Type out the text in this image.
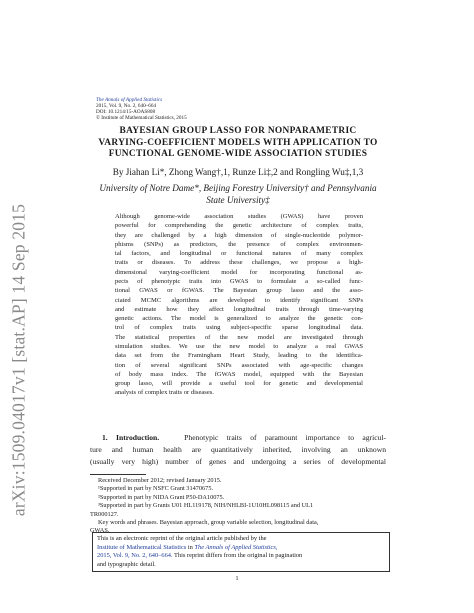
arXiv:1509.04017v1 [stat.AP] 14 Sep 2015
The Annals of Applied Statistics
2015, Vol. 9, No. 2, 640–664
DOI: 10.1214/15-AOAS808
© Institute of Mathematical Statistics, 2015
BAYESIAN GROUP LASSO FOR NONPARAMETRIC
VARYING-COEFFICIENT MODELS WITH APPLICATION TO
FUNCTIONAL GENOME-WIDE ASSOCIATION STUDIES
By Jiahan Li*, Zhong Wang†,1, Runze Li‡,2 and Rongling Wu‡,1,3
University of Notre Dame*, Beijing Forestry University† and Pennsylvania
State University‡
Although genome-wide association studies (GWAS) have proven
powerful for comprehending the genetic architecture of complex traits,
they are challenged by a high dimension of single-nucleotide polymor-
phisms (SNPs) as predictors, the presence of complex environmen-
tal factors, and longitudinal or functional natures of many complex
traits or diseases. To address these challenges, we propose a high-
dimensional varying-coefficient model for incorporating functional as-
pects of phenotypic traits into GWAS to formulate a so-called func-
tional GWAS or fGWAS. The Bayesian group lasso and the asso-
ciated MCMC algorithms are developed to identify significant SNPs
and estimate how they affect longitudinal traits through time-varying
genetic actions. The model is generalized to analyze the genetic con-
trol of complex traits using subject-specific sparse longitudinal data.
The statistical properties of the new model are investigated through
simulation studies. We use the new model to analyze a real GWAS
data set from the Framingham Heart Study, leading to the identifica-
tion of several significant SNPs associated with age-specific changes
of body mass index. The fGWAS model, equipped with the Bayesian
group lasso, will provide a useful tool for genetic and developmental
analysis of complex traits or diseases.
1. Introduction.	Phenotypic traits of paramount importance to agricul-
ture and human health are quantitatively inherited, involving an unknown
(usually very high) number of genes and undergoing a series of developmental
Received December 2012; revised January 2015.
¹Supported in part by NSFC Grant 31470675.
²Supported in part by NIDA Grant P50-DA10075.
³Supported in part by Grants U01 HL119178, NIH/NHLBI-1U10HL098115 and UL1
TR000127.
Key words and phrases. Bayesian approach, group variable selection, longitudinal data,
GWAS.
This is an electronic reprint of the original article published by the
Institute of Mathematical Statistics in The Annals of Applied Statistics,
2015, Vol. 9, No. 2, 640–664. This reprint differs from the original in pagination
and typographic detail.
1
